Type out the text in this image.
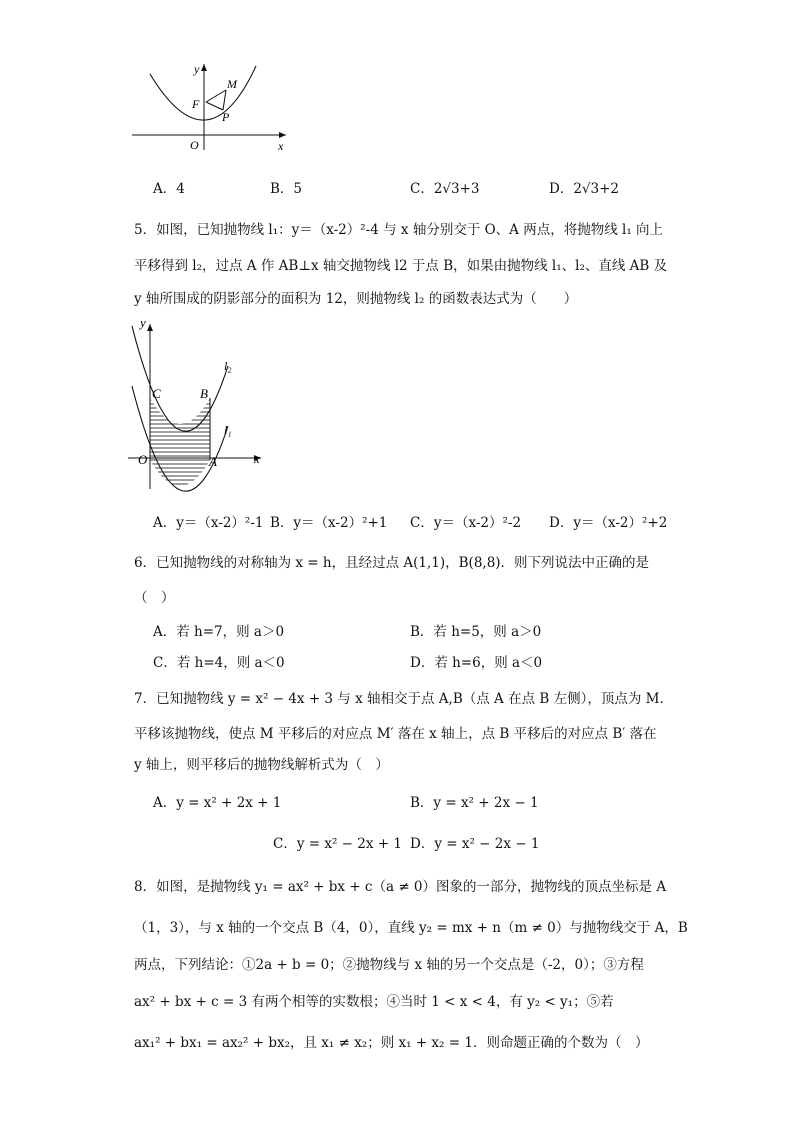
y
x
O
F
M
P
A．4	B．5	C．2√3+3	D．2√3+2
5．如图，已知抛物线 l₁：y＝（x-2）²-4 与 x 轴分别交于 O、A 两点，将抛物线 l₁ 向上
平移得到 l₂，过点 A 作 AB⊥x 轴交抛物线 l2 于点 B，如果由抛物线 l₁、l₂、直线 AB 及
y 轴所围成的阴影部分的面积为 12，则抛物线 l₂ 的函数表达式为（　　）
y
x
O	A
B
C
l₁
l₂
A．y＝（x-2）²-1 B．y＝（x-2）²+1 C．y＝（x-2）²-2 D．y＝（x-2）²+2
6．已知抛物线的对称轴为 x = h，且经过点 A(1,1)，B(8,8)．则下列说法中正确的是
（　）
A．若 h=7，则 a＞0	B．若 h=5，则 a＞0
C．若 h=4，则 a＜0	D．若 h=6，则 a＜0
7．已知抛物线 y = x² − 4x + 3 与 x 轴相交于点 A,B（点 A 在点 B 左侧），顶点为 M．
平移该抛物线，使点 M 平移后的对应点 M′ 落在 x 轴上，点 B 平移后的对应点 B′ 落在
y 轴上，则平移后的抛物线解析式为（　）
A．y = x² + 2x + 1	B．y = x² + 2x − 1
C．y = x² − 2x + 1 D．y = x² − 2x − 1
8．如图，是抛物线 y₁ = ax² + bx + c（a ≠ 0）图象的一部分，抛物线的顶点坐标是 A
（1，3），与 x 轴的一个交点 B（4，0），直线 y₂ = mx + n（m ≠ 0）与抛物线交于 A，B
两点，下列结论：①2a + b = 0；②抛物线与 x 轴的另一个交点是（-2，0）；③方程
ax² + bx + c = 3 有两个相等的实数根；④当时 1 < x < 4，有 y₂ < y₁；⑤若
ax₁² + bx₁ = ax₂² + bx₂，且 x₁ ≠ x₂；则 x₁ + x₂ = 1．则命题正确的个数为（　）
